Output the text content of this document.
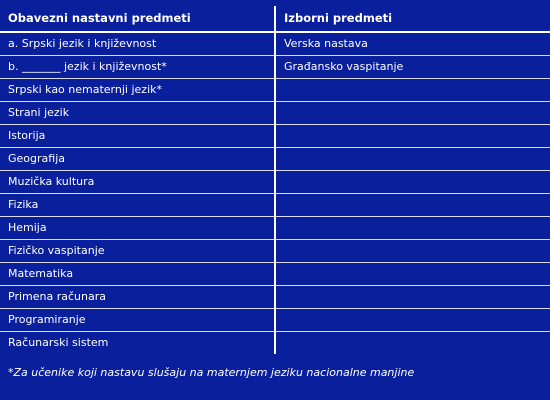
Obavezni nastavni predmeti	Izborni predmeti
a. Srpski jezik i književnost	Verska nastava
b. _______ jezik i književnost*	Građansko vaspitanje
Srpski kao nematernji jezik*	
Strani jezik	
Istorija	
Geografija	
Muzička kultura	
Fizika	
Hemija	
Fizičko vaspitanje	
Matematika	
Primena računara	
Programiranje	
Računarski sistem	
*Za učenike koji nastavu slušaju na maternjem jeziku nacionalne manjine
